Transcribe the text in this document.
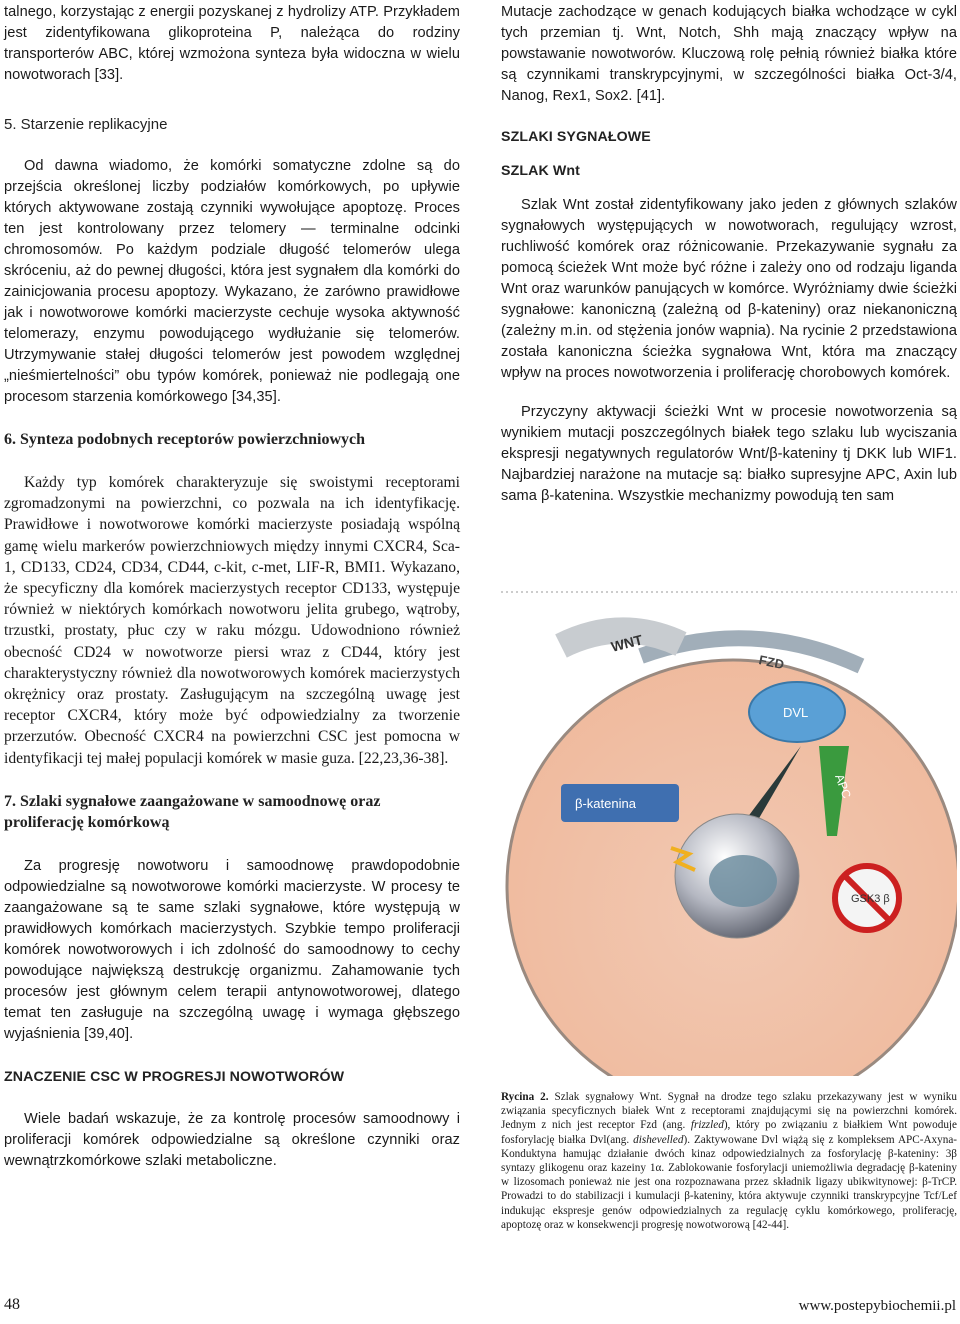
talnego, korzystając z energii pozyskanej z hydrolizy ATP. Przykładem jest zidentyfikowana glikoproteina P, należąca do rodziny transporterów ABC, której wzmożona synteza była widoczna w wielu nowotworach [33].

5. Starzenie replikacyjne

Od dawna wiadomo, że komórki somatyczne zdolne są do przejścia określonej liczby podziałów komórkowych, po upływie których aktywowane zostają czynniki wywołujące apoptozę. Proces ten jest kontrolowany przez telomery — terminalne odcinki chromosomów. Po każdym podziale długość telomerów ulega skróceniu, aż do pewnej długości, która jest sygnałem dla komórki do zainicjowania procesu apoptozy. Wykazano, że zarówno prawidłowe jak i nowotworowe komórki macierzyste cechuje wysoka aktywność telomerazy, enzymu powodującego wydłużanie się telomerów. Utrzymywanie stałej długości telomerów jest powodem względnej „nieśmiertelności” obu typów komórek, ponieważ nie podlegają one procesom starzenia komórkowego [34,35].

6. Synteza podobnych receptorów powierzchniowych

Każdy typ komórek charakteryzuje się swoistymi receptorami zgromadzonymi na powierzchni, co pozwala na ich identyfikację. Prawidłowe i nowotworowe komórki macierzyste posiadają wspólną gamę wielu markerów powierzchniowych między innymi CXCR4, Sca-1, CD133, CD24, CD34, CD44, c-kit, c-met, LIF-R, BMI1. Wykazano, że specyficzny dla komórek macierzystych receptor CD133, występuje również w niektórych komórkach nowotworu jelita grubego, wątroby, trzustki, prostaty, płuc czy w raku mózgu. Udowodniono również obecność CD24 w nowotworze piersi wraz z CD44, który jest charakterystyczny również dla nowotworowych komórek macierzystych okrężnicy oraz prostaty. Zasługującym na szczególną uwagę jest receptor CXCR4, który może być odpowiedzialny za tworzenie przerzutów. Obecność CXCR4 na powierzchni CSC jest pomocna w identyfikacji tej małej populacji komórek w masie guza. [22,23,36-38].

7. Szlaki sygnałowe zaangażowane w samoodnowę oraz proliferację komórkową

Za progresję nowotworu i samoodnowę prawdopodobnie odpowiedzialne są nowotworowe komórki macierzyste. W procesy te zaangażowane są te same szlaki sygnałowe, które występują w prawidłowych komórkach macierzystych. Szybkie tempo proliferacji komórek nowotworowych i ich zdolność do samoodnowy to cechy powodujące największą destrukcję organizmu. Zahamowanie tych procesów jest głównym celem terapii antynowotworowej, dlatego temat ten zasługuje na szczególną uwagę i wymaga głębszego wyjaśnienia [39,40].

ZNACZENIE CSC W PROGRESJI NOWOTWORÓW

Wiele badań wskazuje, że za kontrolę procesów samoodnowy i proliferacji komórek odpowiedzialne są określone czynniki oraz wewnątrzkomórkowe szlaki metaboliczne.

Mutacje zachodzące w genach kodujących białka wchodzące w cykl tych przemian tj. Wnt, Notch, Shh mają znaczący wpływ na powstawanie nowotworów. Kluczową rolę pełnią również białka które są czynnikami transkrypcyjnymi, w szczególności białka Oct-3/4, Nanog, Rex1, Sox2. [41].

SZLAKI SYGNAŁOWE
SZLAK Wnt

Szlak Wnt został zidentyfikowany jako jeden z głównych szlaków sygnałowych występujących w nowotworach, regulujący wzrost, ruchliwość komórek oraz różnicowanie. Przekazywanie sygnału za pomocą ścieżek Wnt może być różne i zależy ono od rodzaju liganda Wnt oraz warunków panujących w komórce. Wyróżniamy dwie ścieżki sygnałowe: kanoniczną (zależną od β-kateniny) oraz niekanoniczną (zależny m.in. od stężenia jonów wapnia). Na rycinie 2 przedstawiona została kanoniczna ścieżka sygnałowa Wnt, która ma znaczący wpływ na proces nowotworzenia i proliferację chorobowych komórek.

Przyczyny aktywacji ścieżki Wnt w procesie nowotworzenia są wynikiem mutacji poszczególnych białek tego szlaku lub wyciszania ekspresji negatywnych regulatorów Wnt/β-kateniny tj DKK lub WIF1. Najbardziej narażone na mutacje są: białko supresyjne APC, Axin lub sama β-katenina. Wszystkie mechanizmy powodują ten sam

WNT
FZD
DVL
APC
β-katenina
GSK3 β

Rycina 2. Szlak sygnałowy Wnt. Sygnał na drodze tego szlaku przekazywany jest w wyniku związania specyficznych białek Wnt z receptorami znajdującymi się na powierzchni komórek. Jednym z nich jest receptor Fzd (ang. frizzled), który po związaniu z białkiem Wnt powoduje fosforylację białka Dvl(ang. dishevelled). Zaktywowane Dvl wiążą się z kompleksem APC-Axyna-Konduktyna hamując działanie dwóch kinaz odpowiedzialnych za fosforylację β-kateniny: 3β syntazy glikogenu oraz kazeiny 1α. Zablokowanie fosforylacji uniemożliwia degradację β-kateniny w lizosomach ponieważ nie jest ona rozpoznawana przez składnik ligazy ubikwitynowej: β-TrCP. Prowadzi to do stabilizacji i kumulacji β-kateniny, która aktywuje czynniki transkrypcyjne Tcf/Lef indukując ekspresje genów odpowiedzialnych za regulację cyklu komórkowego, proliferację, apoptozę oraz w konsekwencji progresję nowotworową [42-44].

48	www.postepybiochemii.pl
